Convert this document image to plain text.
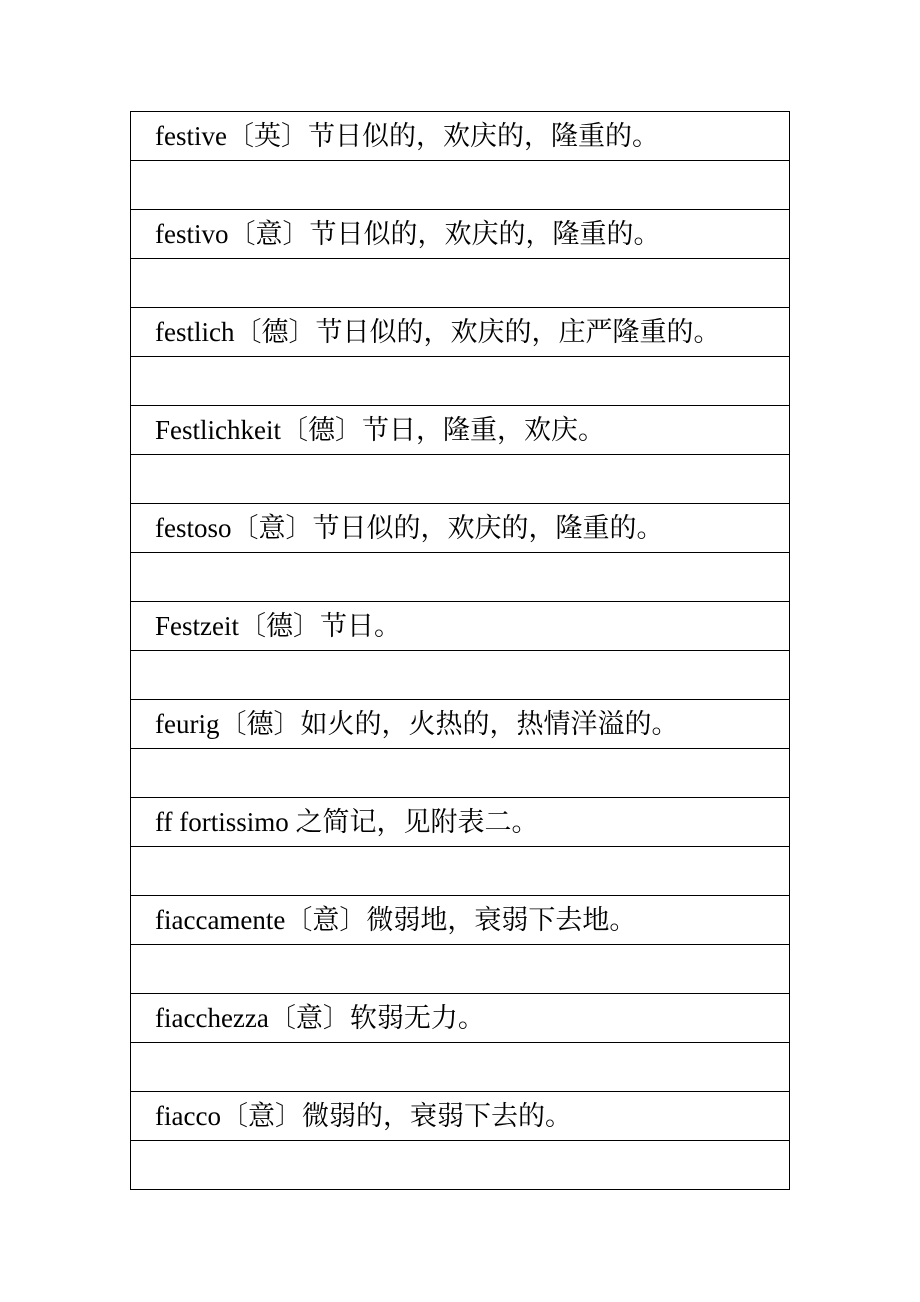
festive〔英〕节日似的，欢庆的，隆重的。

festivo〔意〕节日似的，欢庆的，隆重的。

festlich〔德〕节日似的，欢庆的，庄严隆重的。

Festlichkeit〔德〕节日，隆重，欢庆。

festoso〔意〕节日似的，欢庆的，隆重的。

Festzeit〔德〕节日。

feurig〔德〕如火的，火热的，热情洋溢的。

ff fortissimo 之简记，见附表二。

fiaccamente〔意〕微弱地，衰弱下去地。

fiacchezza〔意〕软弱无力。

fiacco〔意〕微弱的，衰弱下去的。
